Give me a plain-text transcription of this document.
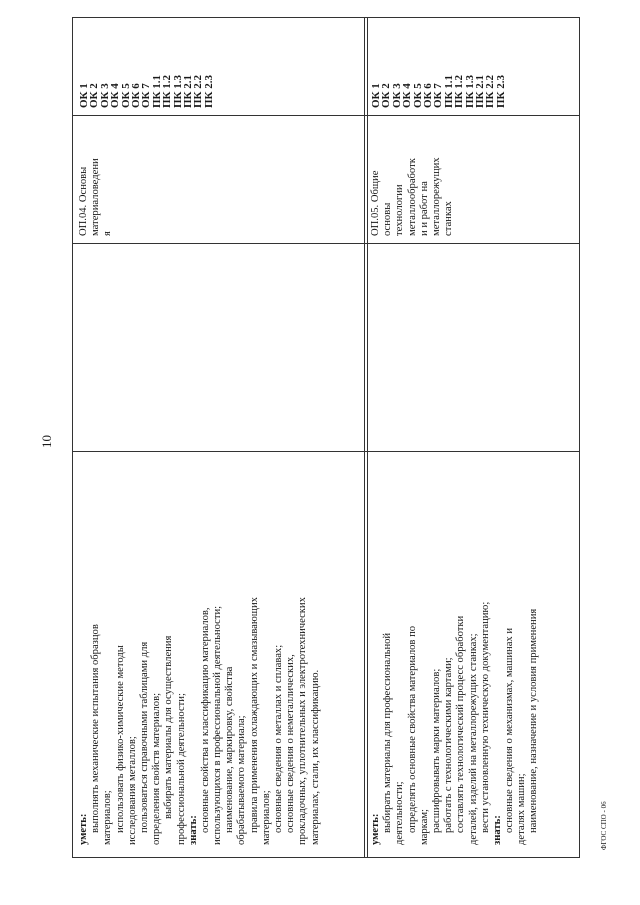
10
уметь: выполнять механические испытания образцов материалов; использовать физико-химические методы исследования металлов; пользоваться справочными таблицами для определения свойств материалов; выбирать материалы для осуществления профессиональной деятельности; знать: основные свойства и классификацию материалов, использующихся в профессиональной деятельности; наименование, маркировку, свойства обрабатываемого материала; правила применения охлаждающих и смазывающих материалов; основные сведения о металлах и сплавах; основные сведения о неметаллических, прокладочных, уплотнительных и электротехнических материалах, стали, их классификацию.
ОП.04. Основы материаловедени я
ОК 1
ОК 2
ОК 3
ОК 4
ОК 5
ОК 6
ОК 7
ПК 1.1
ПК 1.2
ПК 1.3
ПК 2.1
ПК 2.2
ПК 2.3
уметь: выбирать материалы для профессиональной деятельности; определять основные свойства материалов по маркам; расшифровывать марки материалов; работать с технологическими картами; составлять технологический процесс обработки деталей, изделий на металлорежущих станках; вести установленную техническую документацию; знать: основные сведения о механизмах, машинах и деталях машин; наименование, назначение и условия применения
ОП.05. Общие основы технологии металлообработк и и работ на металлорежущих станках
ОК 1
ОК 2
ОК 3
ОК 4
ОК 5
ОК 6
ОК 7
ПК 1.1
ПК 1.2
ПК 1.3
ПК 2.1
ПК 2.2
ПК 2.3
ФГОС СПО - 06
